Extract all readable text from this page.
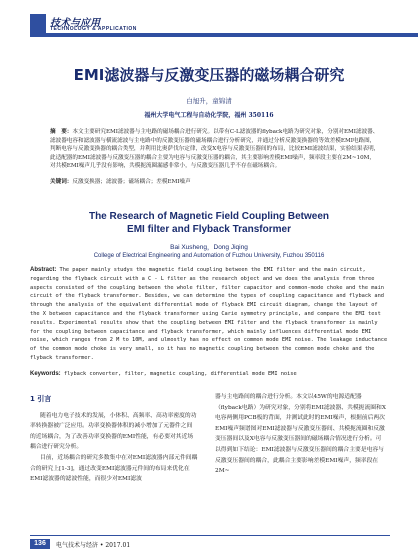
技术与应用
TECHNOLOGY & APPLICATION
EMI滤波器与反激变压器的磁场耦合研究
白旭升，童锦清
福州大学电气工程与自动化学院，福州 350116
摘　要：本文主要研究EMI滤波器与主电路的磁场耦合进行研究。以带有C-L滤波器的flyback电路为研究对象，分别对EMI滤波器、滤波器电容和滤波器与横流滤波与主电路中的反激变压器的磁场耦合进行分析研究，并通过分析反激变换器的等效差模EMI电路图，判断电容与反激变换器的耦合类型，并利用比奥萨伐尔定律，改变X电容与反激变压器间的布局，比较EMI滤波结果，实验结果表明，此适配器的EMI滤波器与反激变压器的耦合主要为电容与反激变压器的耦合，其主要影响差模EMI噪声，频率段主要在2M~10M，对共模EMI噪声几乎没有影响，共模扼流圈漏感非常小，与反激变压器几乎不存在磁场耦合。
关键词：反激变换器；滤波器；磁场耦合；差模EMI噪声
The Research of Magnetic Field Coupling Between
EMI filter and Flyback Transformer
Bai Xusheng，Dong Jiqing
College of Electrical Engineering and Automation of Fuzhou University, Fuzhou 350116
Abstract: The paper mainly studys the magnetic field coupling between the EMI filter and the main circuit, regarding the flyback circuit with a C - L filter as the research object and we does the analysis from three aspects consisted of the coupling between the whole filter, filter capacitor and common-mode choke and the main circuit of the flyback transformer. Besides, we can determine the types of coupling capacitance and flyback and through the analysis of the equivalent differential mode of flyback EMI circuit diagram, change the layout of the X between capacitance and the flyback transformer using Carie symmetry principle, and compare the EMI test results. Experimental results show that the coupling between EMI filter and the flyback transformer is mainly for the coupling between capacitance and flyback transformer, which mainly influences differential mode EMI noise, which ranges from 2 M to 10M, and ulmostly has no effect on common mode EMI noise. The leakage inductance of the common mode choke is very small, so it has no magnetic coupling between the common mode choke and the flyback transformer.
Keywords: flyback converter, filter, magnetic coupling, differential mode EMI noise
1 引言

随着电力电子技术的发展，小体积、高频率、高功率密度的功率转换器被广泛应用。功率变换器体积的减小增加了元器件之间的近场耦合，为了改善功率变换器的EMI性能，有必要对其近场耦合进行研究分析。

目前，近场耦合的研究多数集中在对EMI滤波器内部元件间耦合的研究上[1-3]，通过改变EMI滤波器元件间的布局来优化在EMI滤波器的滤波性能，而很少对EMI滤波

器与主电路间的耦合进行分析。本文以45W的电源适配器（flyback电路）为研究对象，分别将EMI滤波器、共模扼流圈和X电容两侧用PCB板的背面，并测试此时的EMI噪声，根据前后两次EMI噪声频谱图对EMI滤波器与反激变压器间、共模扼流圈和反激变压器间以及X电容与反激变压器间的磁场耦合情况进行分析。可以得到如下结论：EMI滤波器与反激变压器间的耦合主要是电容与反激变压器间的耦合，此耦合主要影响差模EMI噪声，频率段在2M~

136	电气技术与经济 • 2017.01
